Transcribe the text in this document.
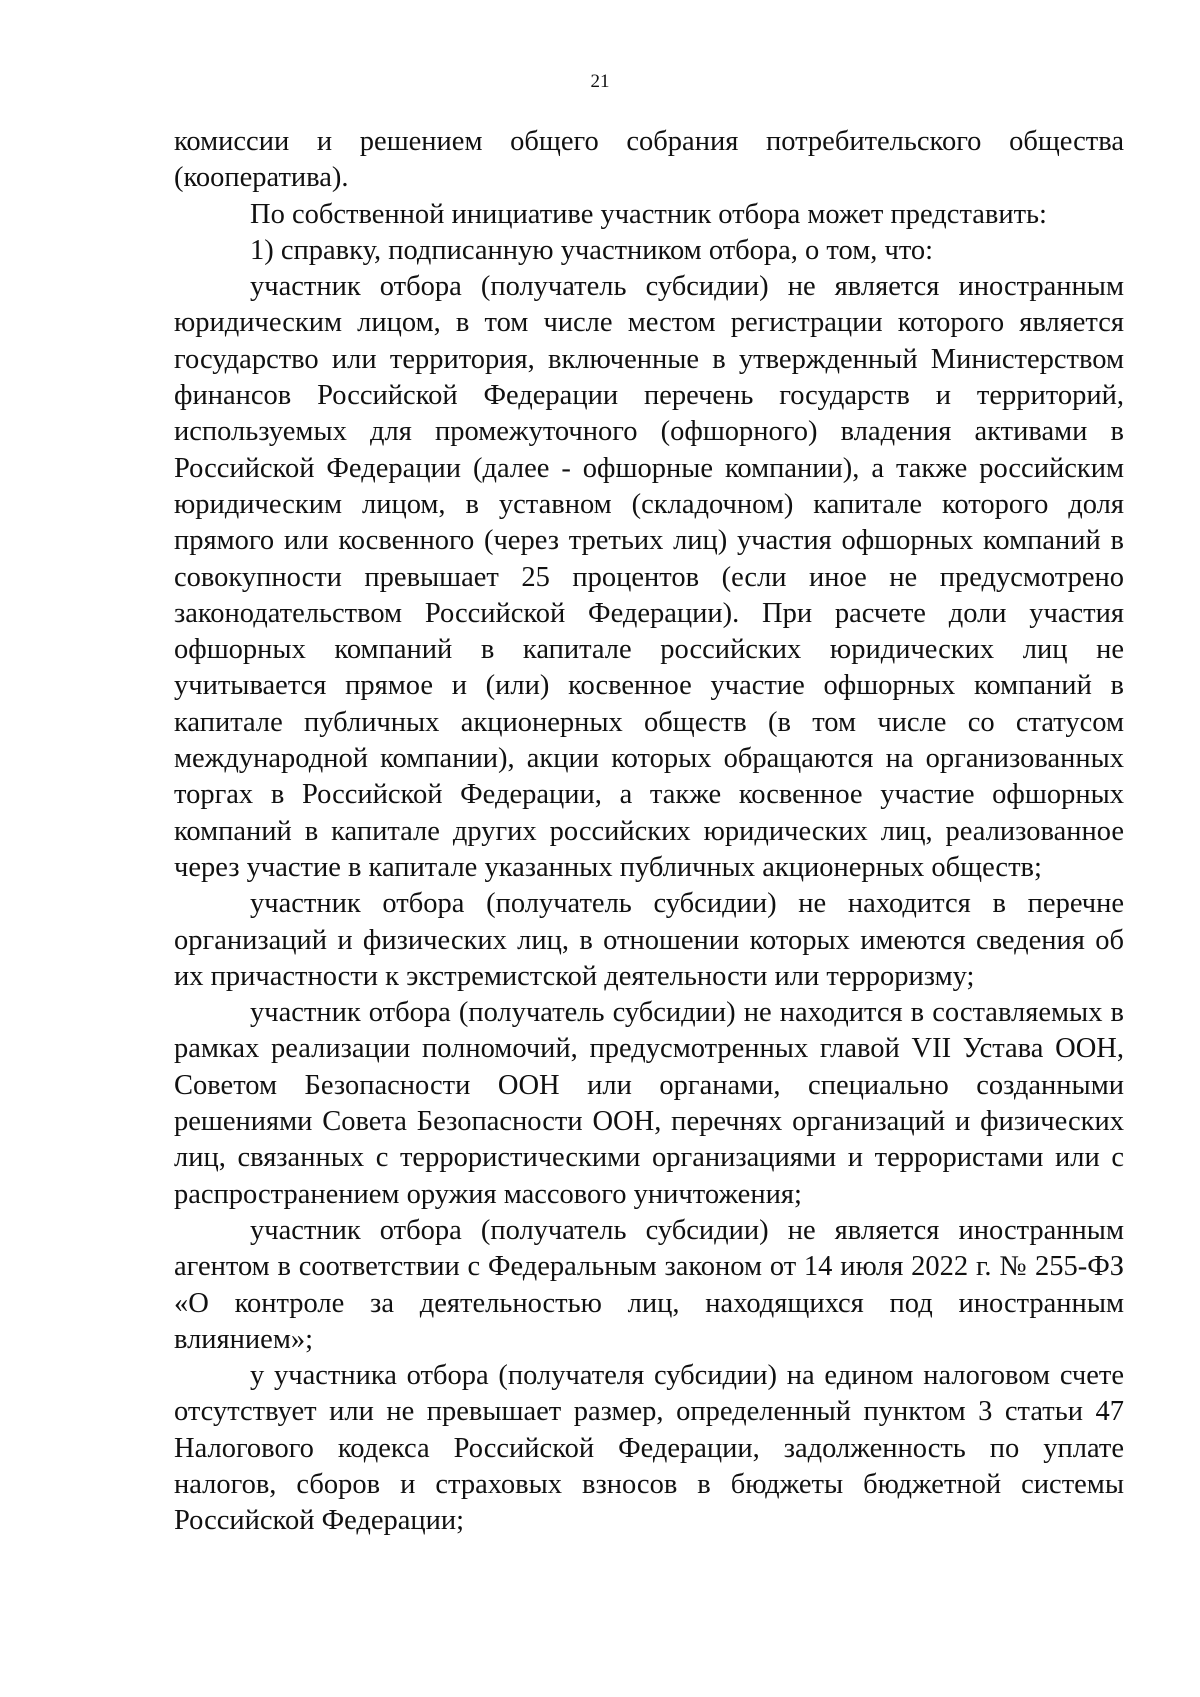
21

комиссии и решением общего собрания потребительского общества (кооператива).

По собственной инициативе участник отбора может представить:

1) справку, подписанную участником отбора, о том, что:

участник отбора (получатель субсидии) не является иностранным юридическим лицом, в том числе местом регистрации которого является государство или территория, включенные в утвержденный Министерством финансов Российской Федерации перечень государств и территорий, используемых для промежуточного (офшорного) владения активами в Российской Федерации (далее - офшорные компании), а также российским юридическим лицом, в уставном (складочном) капитале которого доля прямого или косвенного (через третьих лиц) участия офшорных компаний в совокупности превышает 25 процентов (если иное не предусмотрено законодательством Российской Федерации). При расчете доли участия офшорных компаний в капитале российских юридических лиц не учитывается прямое и (или) косвенное участие офшорных компаний в капитале публичных акционерных обществ (в том числе со статусом международной компании), акции которых обращаются на организованных торгах в Российской Федерации, а также косвенное участие офшорных компаний в капитале других российских юридических лиц, реализованное через участие в капитале указанных публичных акционерных обществ;

участник отбора (получатель субсидии) не находится в перечне организаций и физических лиц, в отношении которых имеются сведения об их причастности к экстремистской деятельности или терроризму;

участник отбора (получатель субсидии) не находится в составляемых в рамках реализации полномочий, предусмотренных главой VII Устава ООН, Советом Безопасности ООН или органами, специально созданными решениями Совета Безопасности ООН, перечнях организаций и физических лиц, связанных с террористическими организациями и террористами или с распространением оружия массового уничтожения;

участник отбора (получатель субсидии) не является иностранным агентом в соответствии с Федеральным законом от 14 июля 2022 г. № 255-ФЗ «О контроле за деятельностью лиц, находящихся под иностранным влиянием»;

у участника отбора (получателя субсидии) на едином налоговом счете отсутствует или не превышает размер, определенный пунктом 3 статьи 47 Налогового кодекса Российской Федерации, задолженность по уплате налогов, сборов и страховых взносов в бюджеты бюджетной системы Российской Федерации;
